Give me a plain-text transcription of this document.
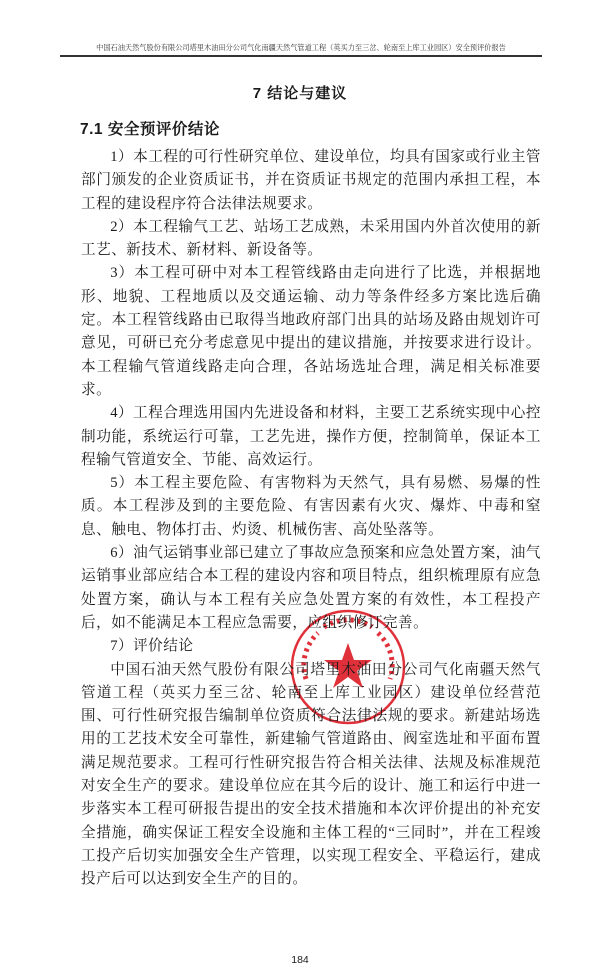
中国石油天然气股份有限公司塔里木油田分公司气化南疆天然气管道工程（英买力至三岔、轮南至上库工业园区）安全预评价报告
7 结论与建议
7.1 安全预评价结论

1）本工程的可行性研究单位、建设单位，均具有国家或行业主管部门颁发的企业资质证书，并在资质证书规定的范围内承担工程，本工程的建设程序符合法律法规要求。

2）本工程输气工艺、站场工艺成熟，未采用国内外首次使用的新工艺、新技术、新材料、新设备等。

3）本工程可研中对本工程管线路由走向进行了比选，并根据地形、地貌、工程地质以及交通运输、动力等条件经多方案比选后确定。本工程管线路由已取得当地政府部门出具的站场及路由规划许可意见，可研已充分考虑意见中提出的建议措施，并按要求进行设计。本工程输气管道线路走向合理，各站场选址合理，满足相关标准要求。

4）工程合理选用国内先进设备和材料，主要工艺系统实现中心控制功能，系统运行可靠，工艺先进，操作方便，控制简单，保证本工程输气管道安全、节能、高效运行。

5）本工程主要危险、有害物料为天然气，具有易燃、易爆的性质。本工程涉及到的主要危险、有害因素有火灾、爆炸、中毒和窒息、触电、物体打击、灼烫、机械伤害、高处坠落等。

6）油气运销事业部已建立了事故应急预案和应急处置方案，油气运销事业部应结合本工程的建设内容和项目特点，组织梳理原有应急处置方案，确认与本工程有关应急处置方案的有效性，本工程投产后，如不能满足本工程应急需要，应组织修订完善。

7）评价结论

中国石油天然气股份有限公司塔里木油田分公司气化南疆天然气管道工程（英买力至三岔、轮南至上库工业园区）建设单位经营范围、可行性研究报告编制单位资质符合法律法规的要求。新建站场选用的工艺技术安全可靠性，新建输气管道路由、阀室选址和平面布置满足规范要求。工程可行性研究报告符合相关法律、法规及标准规范对安全生产的要求。建设单位应在其今后的设计、施工和运行中进一步落实本工程可研报告提出的安全技术措施和本次评价提出的补充安全措施，确实保证工程安全设施和主体工程的“三同时”，并在工程竣工投产后切实加强安全生产管理，以实现工程安全、平稳运行，建成投产后可以达到安全生产的目的。

184
